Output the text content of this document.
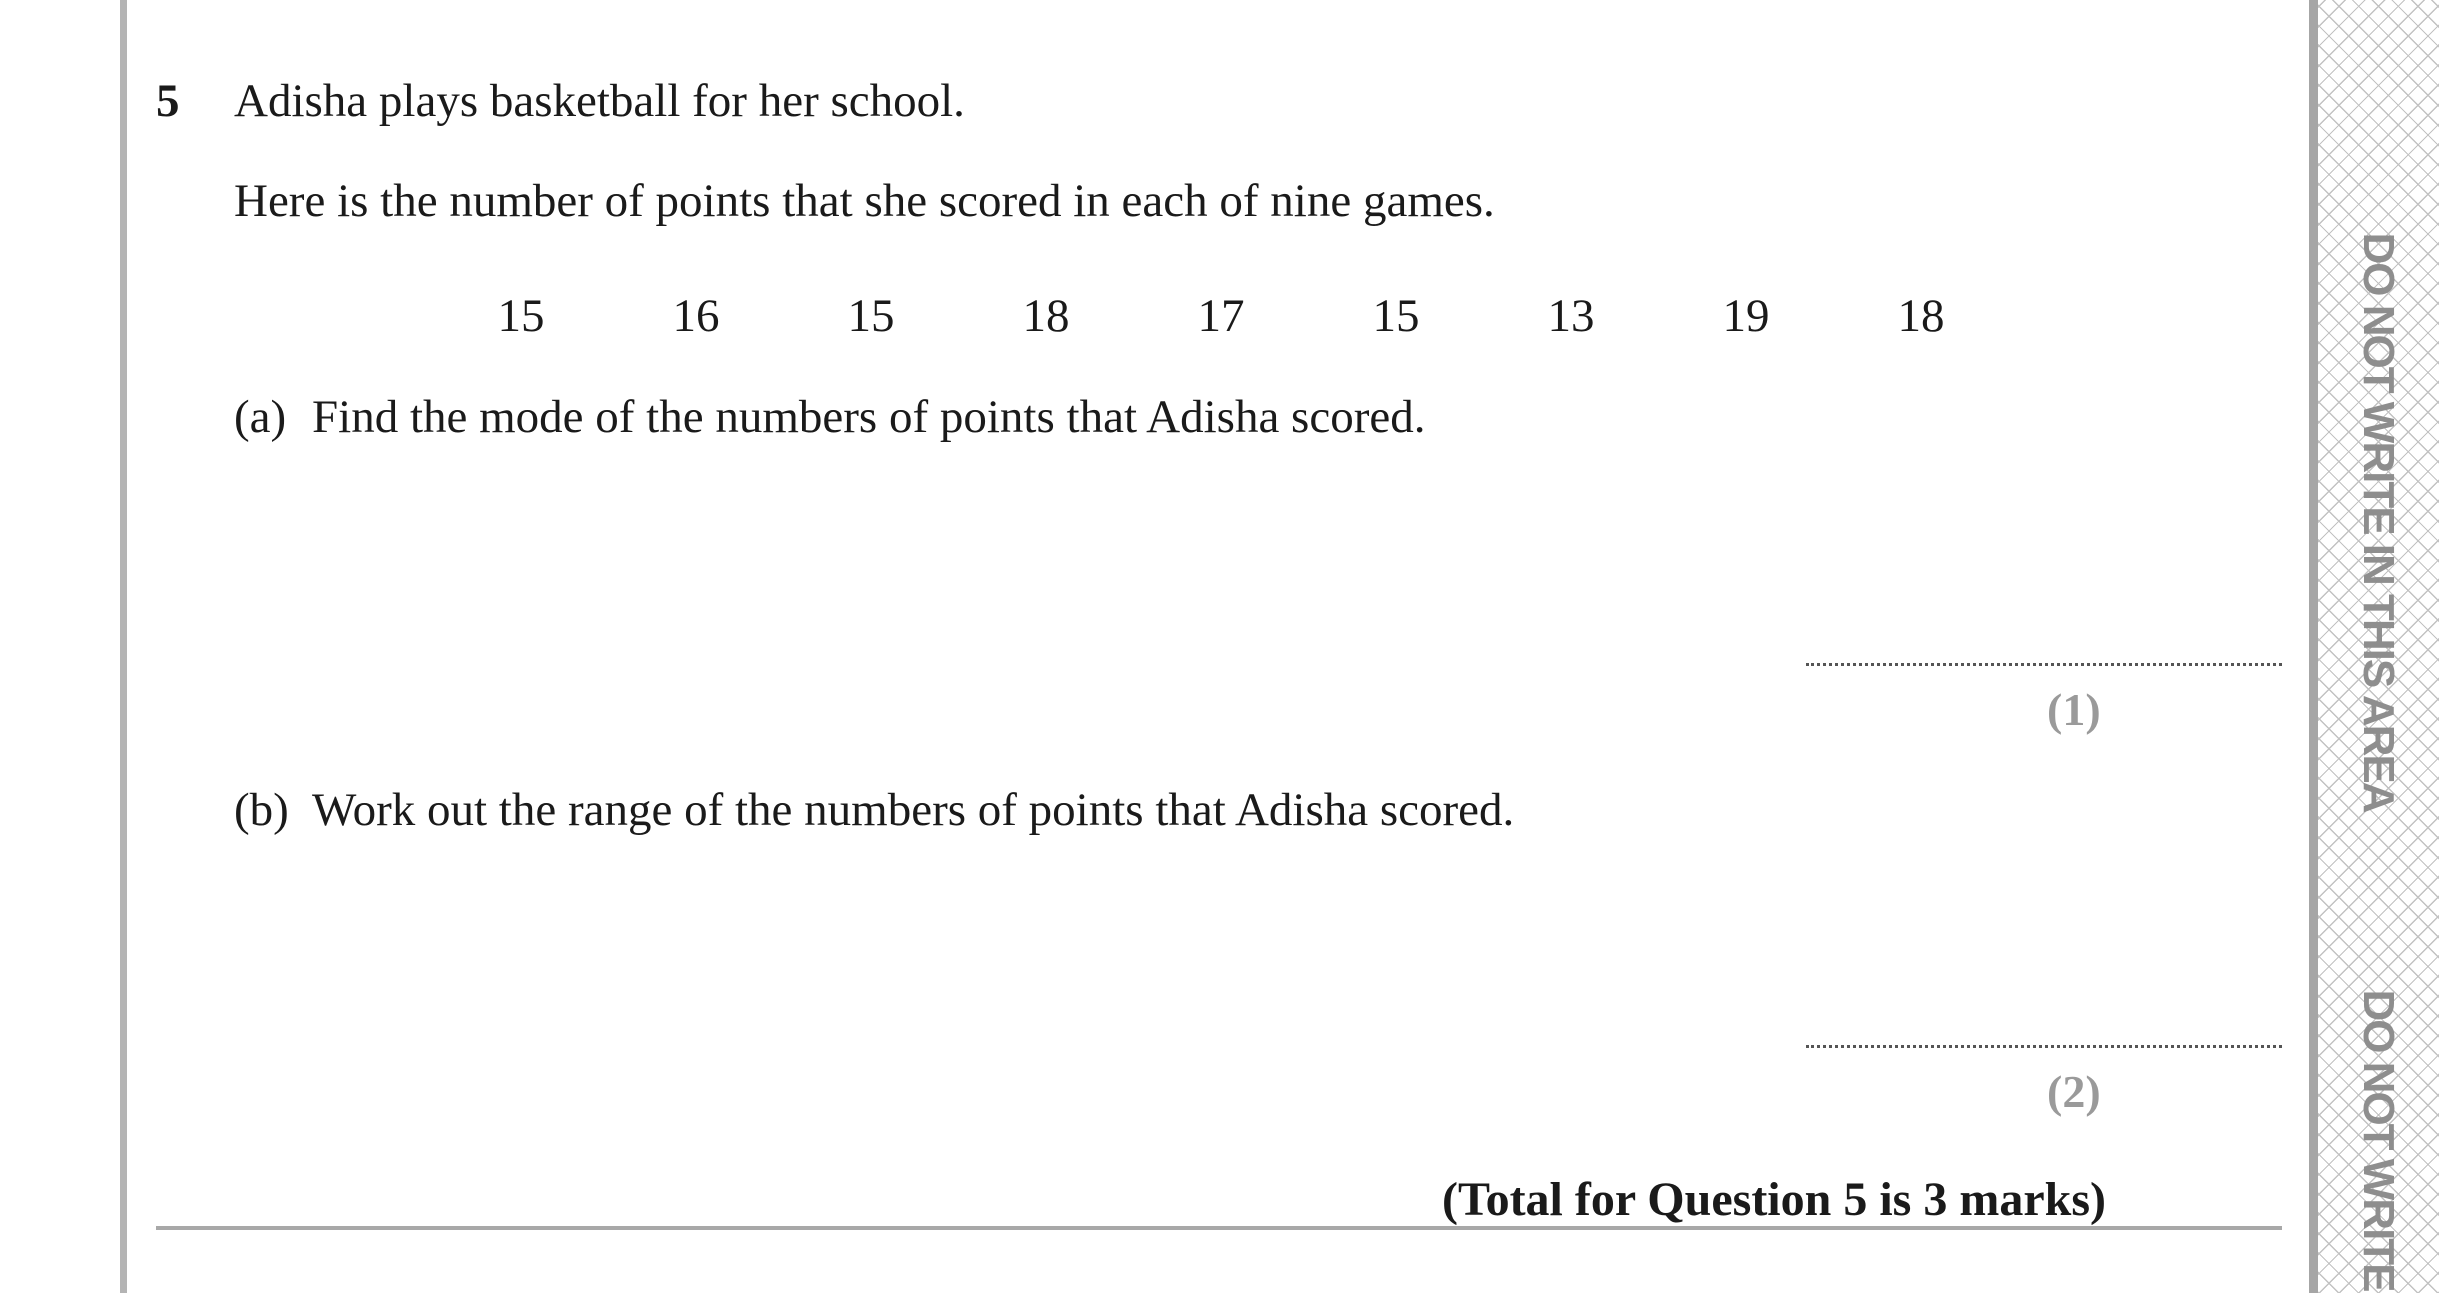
DO NOT WRITE IN THIS AREA
DO NOT WRITE
5 Adisha plays basketball for her school.
Here is the number of points that she scored in each of nine games.
15	16	15	18	17	15	13	19	18
(a) Find the mode of the numbers of points that Adisha scored.
(1)
(b) Work out the range of the numbers of points that Adisha scored.
(2)
(Total for Question 5 is 3 marks)
